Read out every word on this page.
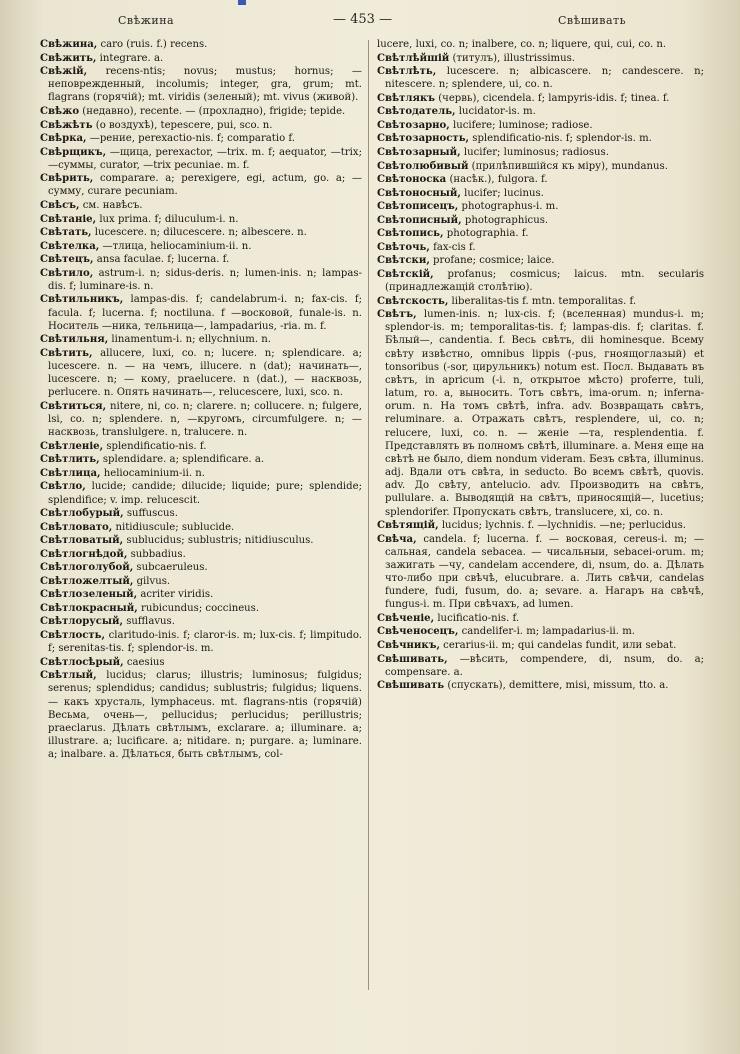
Свѣжина	— 453 —	Свѣшивать
Свѣжина, caro (ruis. f.) recens.
Свѣжить, integrare. a.
Свѣжій, recens-ntis; novus; mustus; hornus; —неповрежденный, incolumis; integer, gra, grum; mt. flagrans (горячій); mt. viridis (зеленый); mt. vivus (живой).
Свѣжо (недавно), recente. — (прохладно), frigide; tepide.
Свѣжѣть (о воздухѣ), tepescere, pui, sco. n.
Свѣрка, —рение, perexactio-nis. f; comparatio f.
Свѣрщикъ, —щица, perexactor, —trix. m. f; aequator, —trix; —суммы, curator, —trix pecuniae. m. f.
Свѣрить, comparare. a; perexigere, egi, actum, go. a; — сумму, curare pecuniam.
Свѣсъ, см. навѣсъ.
Свѣтаніе, lux prima. f; diluculum-i. n.
Свѣтать, lucescere. n; dilucescere. n; albescere. n.
Свѣтелка, —тлица, heliocaminium-ii. n.
Свѣтецъ, ansa faculae. f; lucerna. f.
Свѣтило, astrum-i. n; sidus-deris. n; lumen-inis. n; lampas-dis. f; luminare-is. n.
Свѣтильникъ, lampas-dis. f; candelabrum-i. n; fax-cis. f; facula. f; lucerna. f; noctiluna. f —восковой, funale-is. n. Носитель —ника, тельница—, lampadarius, -ria. m. f.
Свѣтильня, linamentum-i. n; ellychnium. n.
Свѣтить, allucere, luxi, co. n; lucere. n; splendicare. a; lucescere. n. — на чемъ, illucere. n (dat); начинать—, lucescere. n; — кому, praelucere. n (dat.), — насквозь, perlucere. n. Опять начинать—, relucescere, luxi, sco. n.
Свѣтиться, nitere, ni, co. n; clarere. n; collucere. n; fulgere, lsi, co. n; splendere. n, —кругомъ, circumfulgere. n; — насквозь, translulgere. n, tralucere. n.
Свѣтленіе, splendificatio-nis. f.
Свѣтлить, splendidare. a; splendificare. a.
Свѣтлица, heliocaminium-ii. n.
Свѣтло, lucide; candide; dilucide; liquide; pure; splendide; splendifice; v. imp. relucescit.
Свѣтлобурый, suffuscus.
Свѣтловато, nitidiuscule; sublucide.
Свѣтловатый, sublucidus; sublustris; nitidiusculus.
Свѣтлогнѣдой, subbadius.
Свѣтлоголубой, subcaeruleus.
Свѣтложелтый, gilvus.
Свѣтлозеленый, acriter viridis.
Свѣтлокрасный, rubicundus; coccineus.
Свѣтлорусый, sufflavus.
Свѣтлость, claritudo-inis. f; claror-is. m; lux-cis. f; limpitudo. f; serenitas-tis. f; splendor-is. m.
Свѣтлосѣрый, caesius
Свѣтлый, lucidus; clarus; illustris; luminosus; fulgidus; serenus; splendidus; candidus; sublustris; fulgidus; liquens. — какъ хрусталь, lymphaceus. mt. flagrans-ntis (горячій) Весьма, очень—, pellucidus; perlucidus; perillustris; praeclarus. Дѣлать свѣтлымъ, exclarare. a; illuminare. a; illustrare. a; lucificare. a; nitidare. n; purgare. a; luminare. a; inalbare. a. Дѣлаться, быть свѣтлымъ, col-
lucere, luxi, co. n; inalbere, co. n; liquere, qui, cui, co. n.
Свѣтлѣйшій (титулъ), illustrissimus.
Свѣтлѣть, lucescere. n; albicascere. n; candescere. n; nitescere. n; splendere, ui, co. n.
Свѣтлякъ (червь), cicendela. f; lampyris-idis. f; tinea. f.
Свѣтодатель, lucidator-is. m.
Свѣтозарно, lucifere; luminose; radiose.
Свѣтозарность, splendificatio-nis. f; splendor-is. m.
Свѣтозарный, lucifer; luminosus; radiosus.
Свѣтолюбивый (прилѣпившійся къ міру), mundanus.
Свѣтоноска (насѣк.), fulgora. f.
Свѣтоносный, lucifer; lucinus.
Свѣтописецъ, photographus-i. m.
Свѣтописный, photographicus.
Свѣтопись, photographia. f.
Свѣточь, fax-cis f.
Свѣтски, profane; cosmice; laice.
Свѣтскій, profanus; cosmicus; laicus. mtn. secularis (принадлежащій столѣтію).
Свѣтскость, liberalitas-tis f. mtn. temporalitas. f.
Свѣтъ, lumen-inis. n; lux-cis. f; (вселенная) mundus-i. m; splendor-is. m; temporalitas-tis. f; lampas-dis. f; claritas. f. Бѣлый—, candentia. f. Весь свѣтъ, dii hominesque. Всему свѣту извѣстно, omnibus lippis (-pus, гноящоглазый) et tonsoribus (-sor, цирульникъ) notum est. Посл. Выдавать въ свѣтъ, in apricum (-i. n, открытое мѣсто) proferre, tuli, latum, ro. a, выносить. Тотъ свѣтъ, ima-orum. n; inferna-orum. n. На томъ свѣтѣ, infra. adv. Возвращать свѣтъ, reluminare. a. Отражать свѣтъ, resplendere, ui, co. n; relucere, luxi, co. n. — женіе —та, resplendentia. f. Представлять въ полномъ свѣтѣ, illuminare. a. Меня еще на свѣтѣ не было, diem nondum videram. Безъ свѣта, illuminus. adj. Вдали отъ свѣта, in seducto. Во всемъ свѣтѣ, quovis. adv. До свѣту, antelucio. adv. Производить на свѣтъ, pullulare. a. Выводящій на свѣтъ, приносящій—, lucetius; splendorifer. Пропускать свѣтъ, translucere, xi, co. n.
Свѣтящій, lucidus; lychnis. f. —lychnidis. —ne; perlucidus.
Свѣча, candela. f; lucerna. f. — восковая, cereus-i. m; — сальная, candela sebacea. — чисальныи, sebacei-orum. m; зажигать —чу, candelam accendere, di, nsum, do. a. Дѣлать что-либо при свѣчѣ, elucubrare. a. Лить свѣчи, candelas fundere, fudi, fusum, do. a; sevare. a. Нагаръ на свѣчѣ, fungus-i. m. При свѣчахъ, ad lumen.
Свѣченіе, lucificatio-nis. f.
Свѣченосецъ, candelifer-i. m; lampadarius-ii. m.
Свѣчникъ, cerarius-ii. m; qui candelas fundit, или sebat.
Свѣшивать, —вѣсить, compendere, di, nsum, do. a; compensare. a.
Свѣшивать (спускать), demittere, misi, missum, tto. a.
